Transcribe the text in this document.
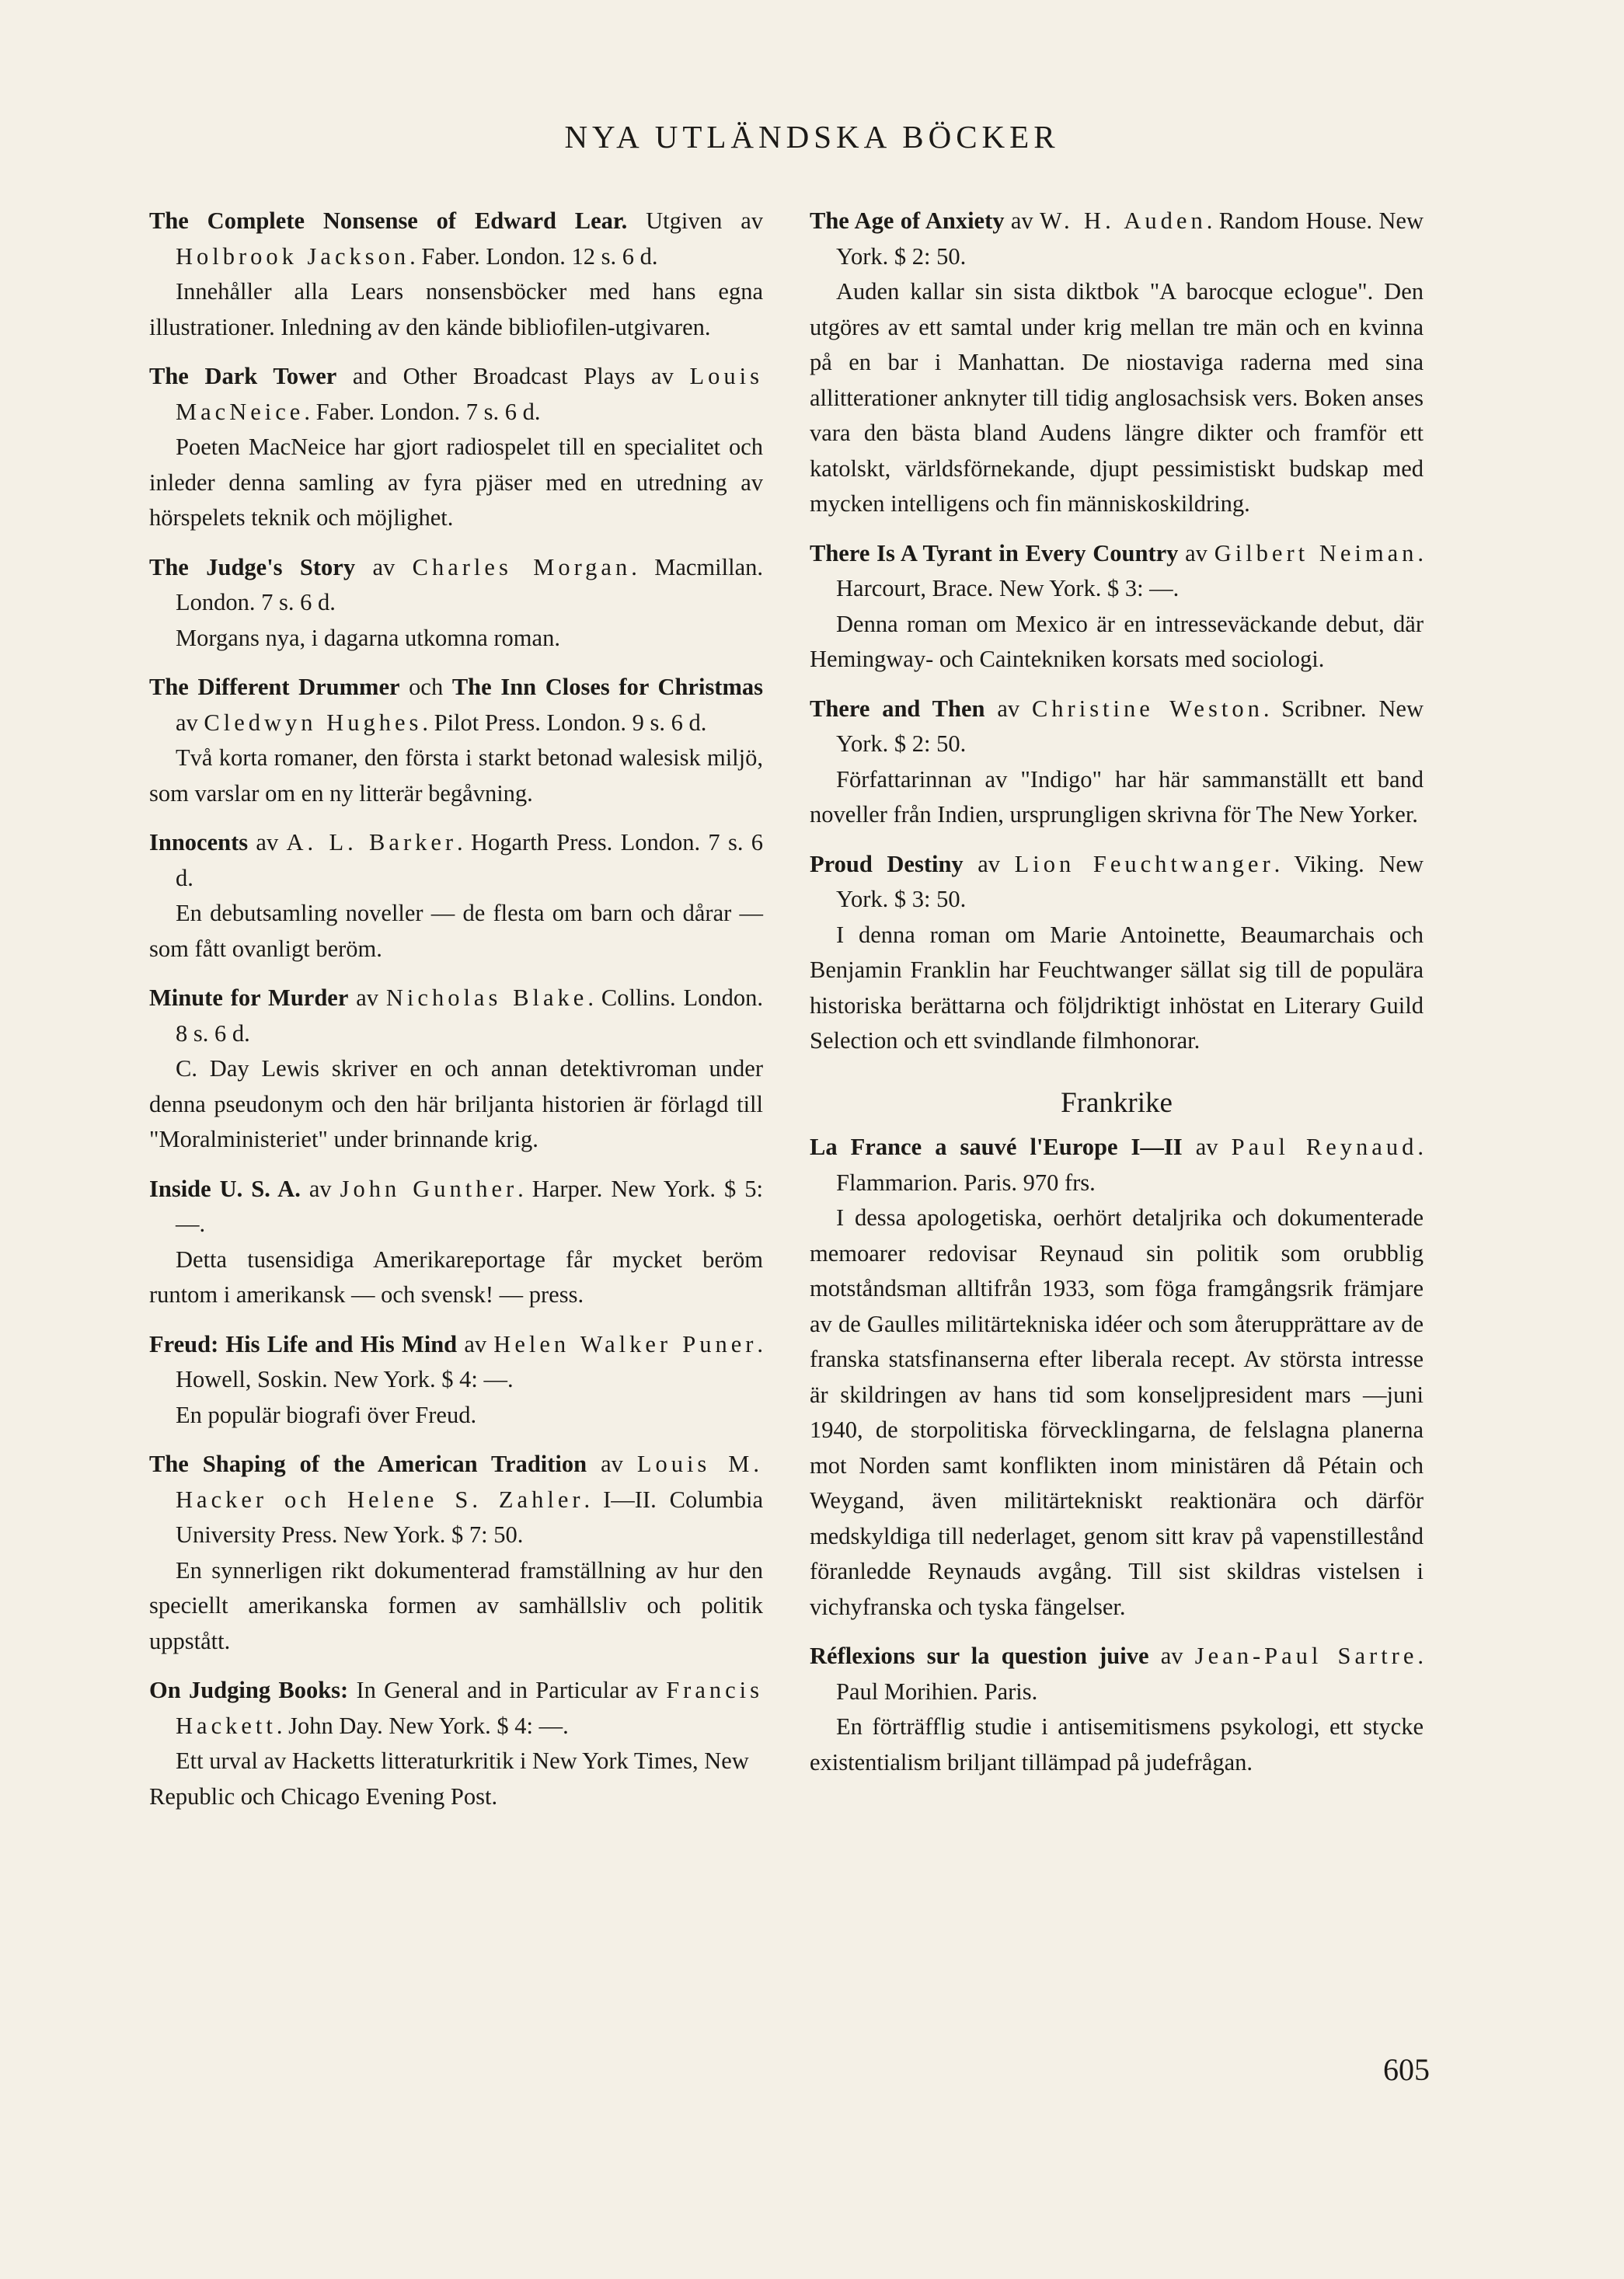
NYA UTLÄNDSKA BÖCKER
The Complete Nonsense of Edward Lear. Utgiven av Holbrook Jackson. Faber. London. 12 s. 6 d.
Innehåller alla Lears nonsensböcker med hans egna illustrationer. Inledning av den kände bibliofilen-utgivaren.
The Dark Tower and Other Broadcast Plays av Louis MacNeice. Faber. London. 7 s. 6 d.
Poeten MacNeice har gjort radiospelet till en specialitet och inleder denna samling av fyra pjäser med en utredning av hörspelets teknik och möjlighet.
The Judge's Story av Charles Morgan. Macmillan. London. 7 s. 6 d.
Morgans nya, i dagarna utkomna roman.
The Different Drummer och The Inn Closes for Christmas av Cledwyn Hughes. Pilot Press. London. 9 s. 6 d.
Två korta romaner, den första i starkt betonad walesisk miljö, som varslar om en ny litterär begåvning.
Innocents av A. L. Barker. Hogarth Press. London. 7 s. 6 d.
En debutsamling noveller — de flesta om barn och dårar — som fått ovanligt beröm.
Minute for Murder av Nicholas Blake. Collins. London. 8 s. 6 d.
C. Day Lewis skriver en och annan detektivroman under denna pseudonym och den här briljanta historien är förlagd till "Moralministeriet" under brinnande krig.
Inside U. S. A. av John Gunther. Harper. New York. $ 5: —.
Detta tusensidiga Amerikareportage får mycket beröm runtom i amerikansk — och svensk! — press.
Freud: His Life and His Mind av Helen Walker Puner. Howell, Soskin. New York. $ 4: —.
En populär biografi över Freud.
The Shaping of the American Tradition av Louis M. Hacker och Helene S. Zahler. I—II. Columbia University Press. New York. $ 7: 50.
En synnerligen rikt dokumenterad framställning av hur den speciellt amerikanska formen av samhällsliv och politik uppstått.
On Judging Books: In General and in Particular av Francis Hackett. John Day. New York. $ 4: —.
Ett urval av Hacketts litteraturkritik i New York Times, New Republic och Chicago Evening Post.
The Age of Anxiety av W. H. Auden. Random House. New York. $ 2: 50.
Auden kallar sin sista diktbok "A barocque eclogue". Den utgöres av ett samtal under krig mellan tre män och en kvinna på en bar i Manhattan. De niostaviga raderna med sina allitterationer anknyter till tidig anglosachsisk vers. Boken anses vara den bästa bland Audens längre dikter och framför ett katolskt, världsförnekande, djupt pessimistiskt budskap med mycken intelligens och fin människoskildring.
There Is A Tyrant in Every Country av Gilbert Neiman. Harcourt, Brace. New York. $ 3: —.
Denna roman om Mexico är en intresseväckande debut, där Hemingway- och Caintekniken korsats med sociologi.
There and Then av Christine Weston. Scribner. New York. $ 2: 50.
Författarinnan av "Indigo" har här sammanställt ett band noveller från Indien, ursprungligen skrivna för The New Yorker.
Proud Destiny av Lion Feuchtwanger. Viking. New York. $ 3: 50.
I denna roman om Marie Antoinette, Beaumarchais och Benjamin Franklin har Feuchtwanger sällat sig till de populära historiska berättarna och följdriktigt inhöstat en Literary Guild Selection och ett svindlande filmhonorar.
Frankrike
La France a sauvé l'Europe I—II av Paul Reynaud. Flammarion. Paris. 970 frs.
I dessa apologetiska, oerhört detaljrika och dokumenterade memoarer redovisar Reynaud sin politik som orubblig motståndsman alltifrån 1933, som föga framgångsrik främjare av de Gaulles militärtekniska idéer och som återupprättare av de franska statsfinanserna efter liberala recept. Av största intresse är skildringen av hans tid som konseljpresident mars —juni 1940, de storpolitiska förvecklingarna, de felslagna planerna mot Norden samt konflikten inom ministären då Pétain och Weygand, även militärtekniskt reaktionära och därför medskyldiga till nederlaget, genom sitt krav på vapenstillestånd föranledde Reynauds avgång. Till sist skildras vistelsen i vichyfranska och tyska fängelser.
Réflexions sur la question juive av Jean-Paul Sartre. Paul Morihien. Paris.
En förträfflig studie i antisemitismens psykologi, ett stycke existentialism briljant tillämpad på judefrågan.
605
